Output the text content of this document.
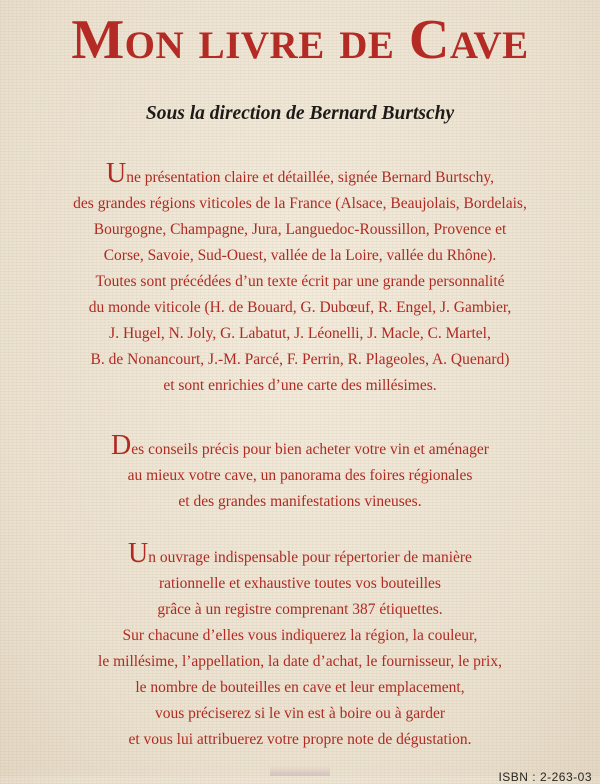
Mon livre de Cave
Sous la direction de Bernard Burtschy
Une présentation claire et détaillée, signée Bernard Burtschy,
des grandes régions viticoles de la France (Alsace, Beaujolais, Bordelais,
Bourgogne, Champagne, Jura, Languedoc-Roussillon, Provence et
Corse, Savoie, Sud-Ouest, vallée de la Loire, vallée du Rhône).
Toutes sont précédées d’un texte écrit par une grande personnalité
du monde viticole (H. de Bouard, G. Dubœuf, R. Engel, J. Gambier,
J. Hugel, N. Joly, G. Labatut, J. Léonelli, J. Macle, C. Martel,
B. de Nonancourt, J.-M. Parcé, F. Perrin, R. Plageoles, A. Quenard)
et sont enrichies d’une carte des millésimes.
Des conseils précis pour bien acheter votre vin et aménager
au mieux votre cave, un panorama des foires régionales
et des grandes manifestations vineuses.
Un ouvrage indispensable pour répertorier de manière
rationnelle et exhaustive toutes vos bouteilles
grâce à un registre comprenant 387 étiquettes.
Sur chacune d’elles vous indiquerez la région, la couleur,
le millésime, l’appellation, la date d’achat, le fournisseur, le prix,
le nombre de bouteilles en cave et leur emplacement,
vous préciserez si le vin est à boire ou à garder
et vous lui attribuerez votre propre note de dégustation.
ISBN : 2-263-03
